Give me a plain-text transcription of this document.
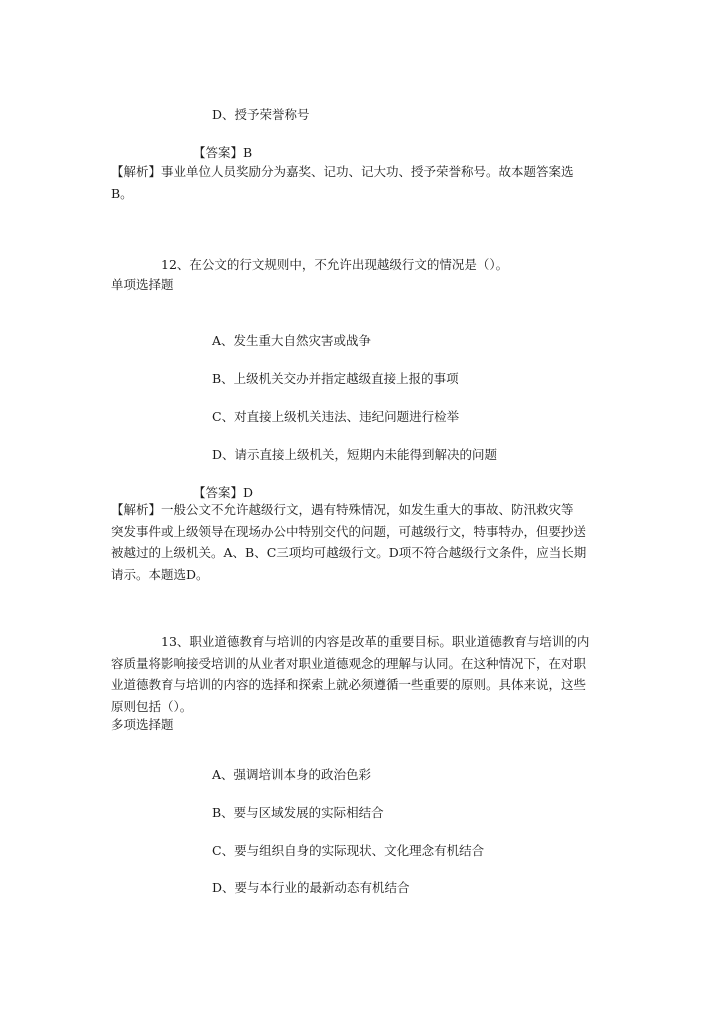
D、授予荣誉称号
【答案】B
【解析】事业单位人员奖励分为嘉奖、记功、记大功、授予荣誉称号。故本题答案选
B。
12、在公文的行文规则中，不允许出现越级行文的情况是（）。
单项选择题
A、发生重大自然灾害或战争
B、上级机关交办并指定越级直接上报的事项
C、对直接上级机关违法、违纪问题进行检举
D、请示直接上级机关，短期内未能得到解决的问题
【答案】D
【解析】一般公文不允许越级行文，遇有特殊情况，如发生重大的事故、防汛救灾等
突发事件或上级领导在现场办公中特别交代的问题，可越级行文，特事特办，但要抄送
被越过的上级机关。A、B、C三项均可越级行文。D项不符合越级行文条件，应当长期
请示。本题选D。
13、职业道德教育与培训的内容是改革的重要目标。职业道德教育与培训的内
容质量将影响接受培训的从业者对职业道德观念的理解与认同。在这种情况下，在对职
业道德教育与培训的内容的选择和探索上就必须遵循一些重要的原则。具体来说，这些
原则包括（）。
多项选择题
A、强调培训本身的政治色彩
B、要与区域发展的实际相结合
C、要与组织自身的实际现状、文化理念有机结合
D、要与本行业的最新动态有机结合
